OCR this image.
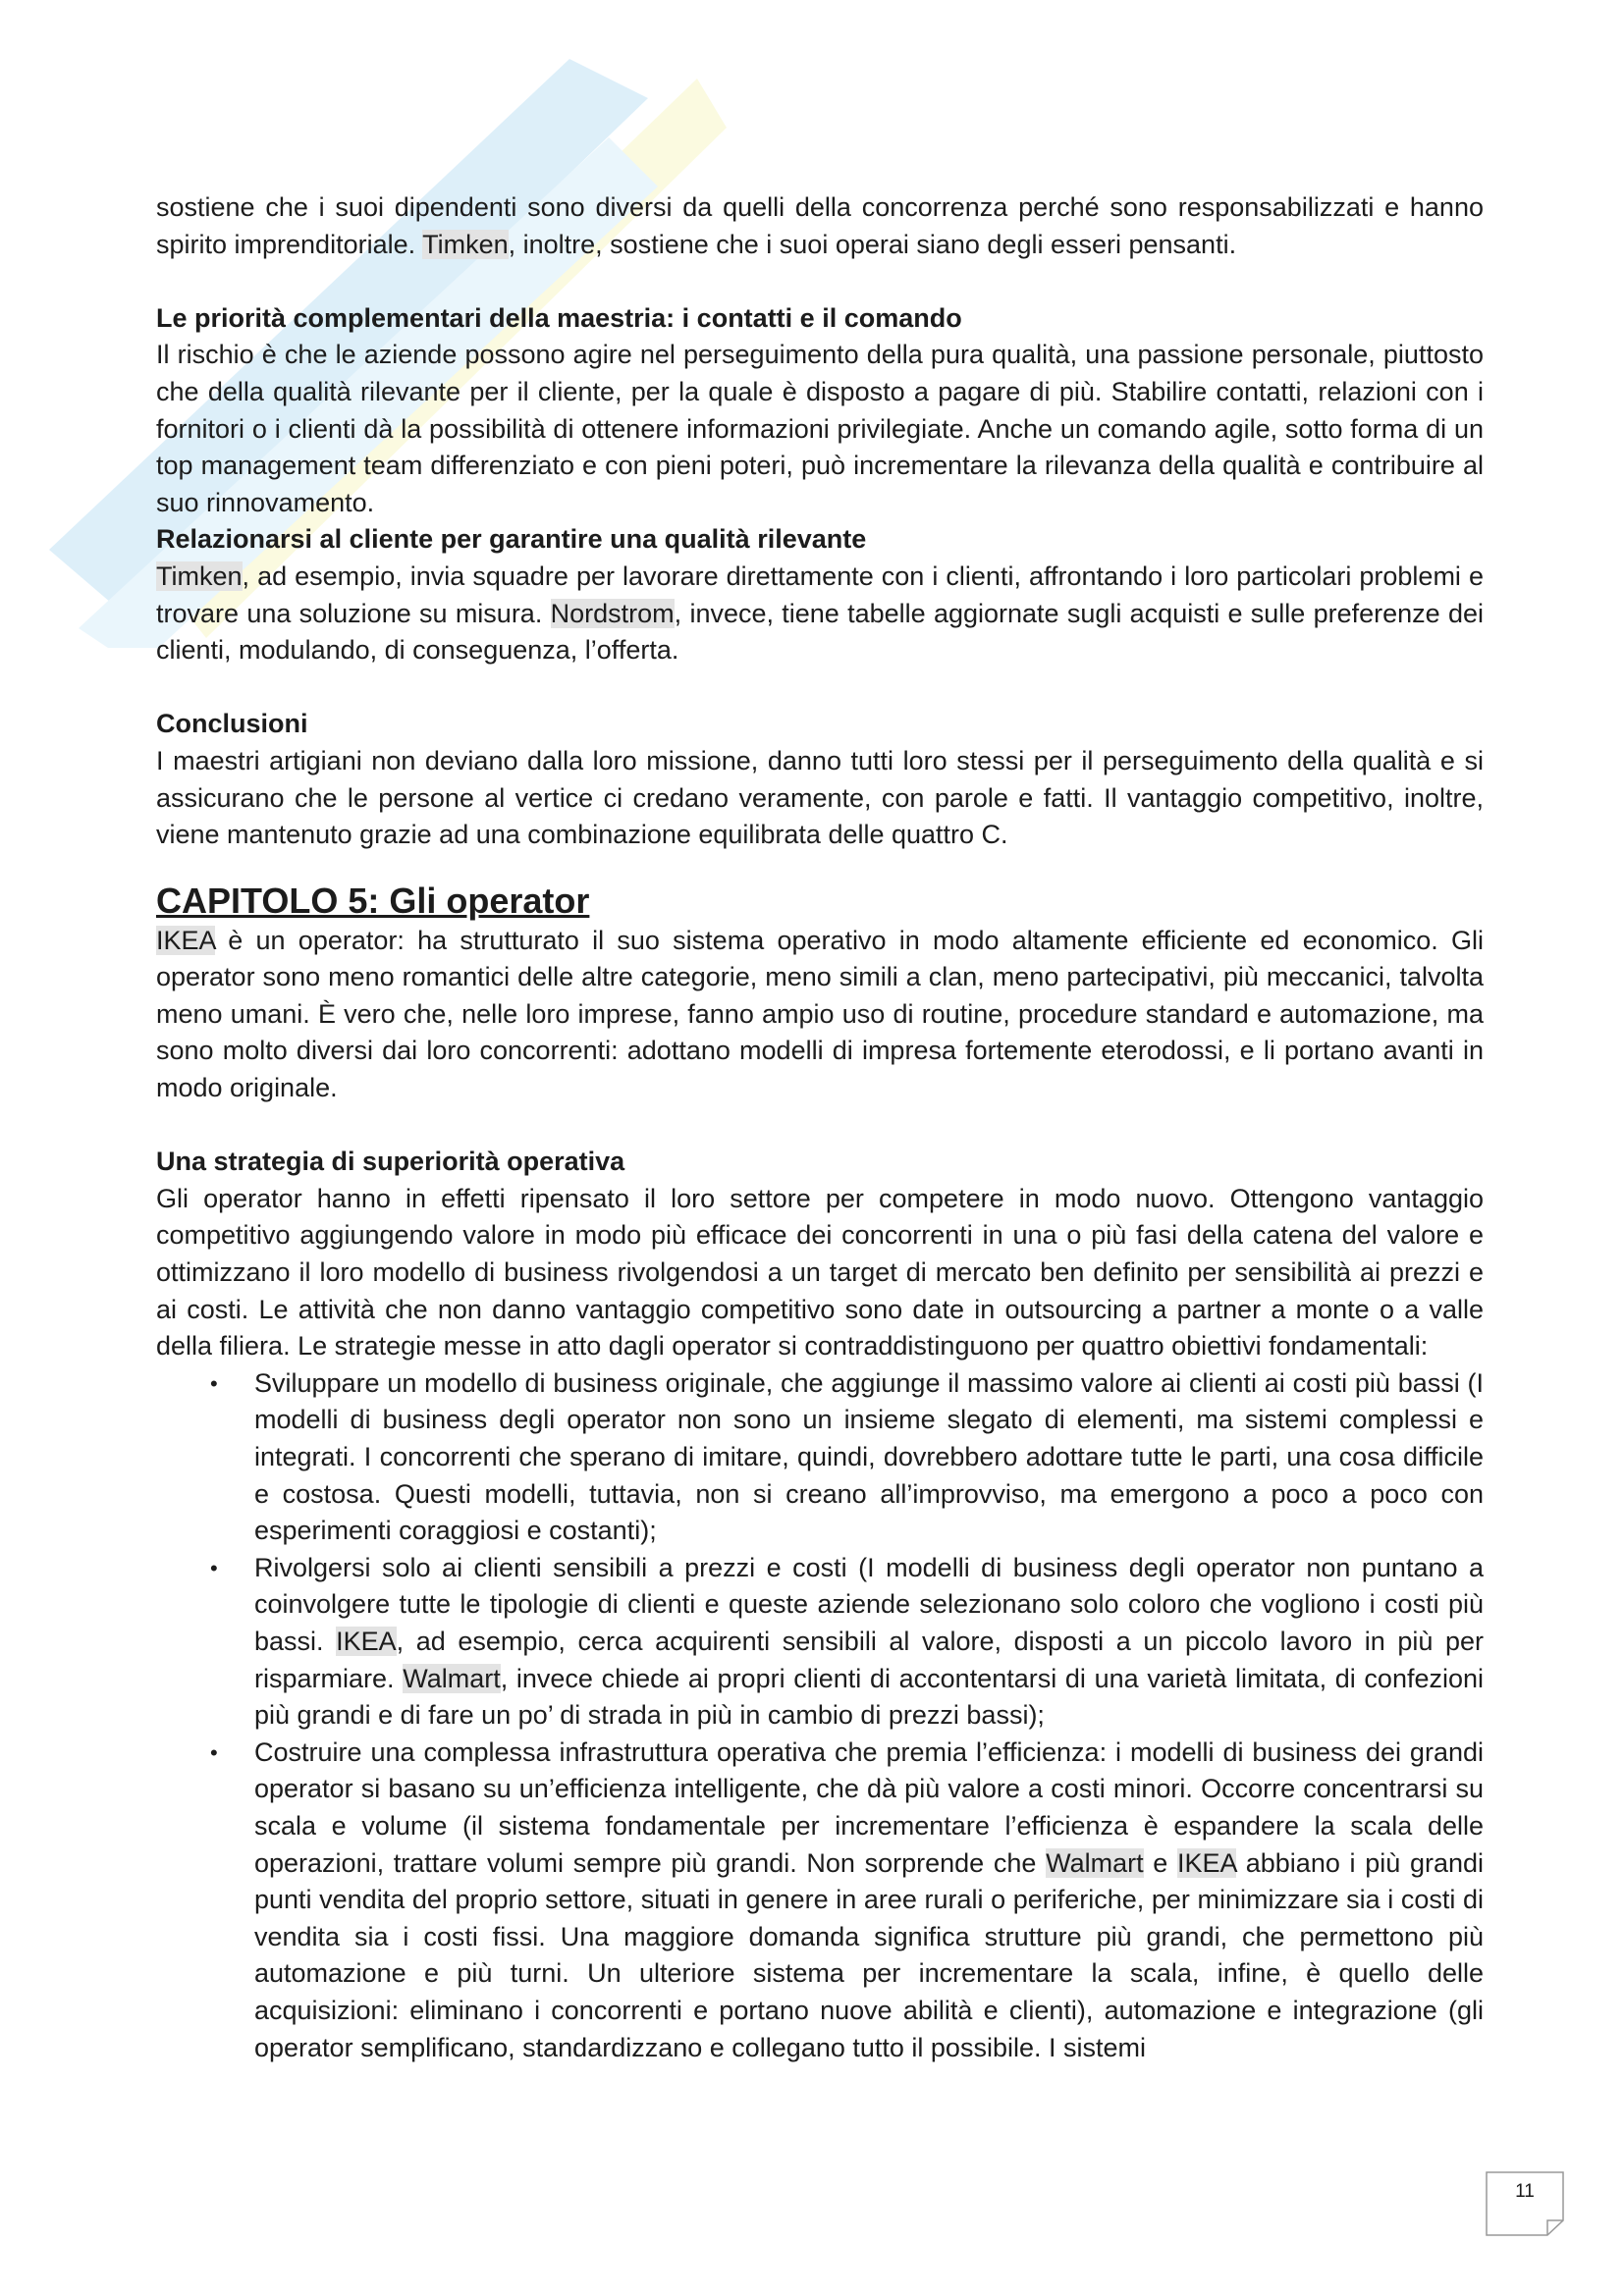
sostiene che i suoi dipendenti sono diversi da quelli della concorrenza perché sono responsabilizzati e hanno spirito imprenditoriale. Timken, inoltre, sostiene che i suoi operai siano degli esseri pensanti.

Le priorità complementari della maestria: i contatti e il comando

Il rischio è che le aziende possono agire nel perseguimento della pura qualità, una passione personale, piuttosto che della qualità rilevante per il cliente, per la quale è disposto a pagare di più. Stabilire contatti, relazioni con i fornitori o i clienti dà la possibilità di ottenere informazioni privilegiate. Anche un comando agile, sotto forma di un top management team differenziato e con pieni poteri, può incrementare la rilevanza della qualità e contribuire al suo rinnovamento.

Relazionarsi al cliente per garantire una qualità rilevante

Timken, ad esempio, invia squadre per lavorare direttamente con i clienti, affrontando i loro particolari problemi e trovare una soluzione su misura. Nordstrom, invece, tiene tabelle aggiornate sugli acquisti e sulle preferenze dei clienti, modulando, di conseguenza, l’offerta.

Conclusioni

I maestri artigiani non deviano dalla loro missione, danno tutti loro stessi per il perseguimento della qualità e si assicurano che le persone al vertice ci credano veramente, con parole e fatti. Il vantaggio competitivo, inoltre, viene mantenuto grazie ad una combinazione equilibrata delle quattro C.

CAPITOLO 5: Gli operator

IKEA è un operator: ha strutturato il suo sistema operativo in modo altamente efficiente ed economico. Gli operator sono meno romantici delle altre categorie, meno simili a clan, meno partecipativi, più meccanici, talvolta meno umani. È vero che, nelle loro imprese, fanno ampio uso di routine, procedure standard e automazione, ma sono molto diversi dai loro concorrenti: adottano modelli di impresa fortemente eterodossi, e li portano avanti in modo originale.

Una strategia di superiorità operativa

Gli operator hanno in effetti ripensato il loro settore per competere in modo nuovo. Ottengono vantaggio competitivo aggiungendo valore in modo più efficace dei concorrenti in una o più fasi della catena del valore e ottimizzano il loro modello di business rivolgendosi a un target di mercato ben definito per sensibilità ai prezzi e ai costi. Le attività che non danno vantaggio competitivo sono date in outsourcing a partner a monte o a valle della filiera. Le strategie messe in atto dagli operator si contraddistinguono per quattro obiettivi fondamentali:

• Sviluppare un modello di business originale, che aggiunge il massimo valore ai clienti ai costi più bassi (I modelli di business degli operator non sono un insieme slegato di elementi, ma sistemi complessi e integrati. I concorrenti che sperano di imitare, quindi, dovrebbero adottare tutte le parti, una cosa difficile e costosa. Questi modelli, tuttavia, non si creano all’improvviso, ma emergono a poco a poco con esperimenti coraggiosi e costanti);
• Rivolgersi solo ai clienti sensibili a prezzi e costi (I modelli di business degli operator non puntano a coinvolgere tutte le tipologie di clienti e queste aziende selezionano solo coloro che vogliono i costi più bassi. IKEA, ad esempio, cerca acquirenti sensibili al valore, disposti a un piccolo lavoro in più per risparmiare. Walmart, invece chiede ai propri clienti di accontentarsi di una varietà limitata, di confezioni più grandi e di fare un po’ di strada in più in cambio di prezzi bassi);
• Costruire una complessa infrastruttura operativa che premia l’efficienza: i modelli di business dei grandi operator si basano su un’efficienza intelligente, che dà più valore a costi minori. Occorre concentrarsi su scala e volume (il sistema fondamentale per incrementare l’efficienza è espandere la scala delle operazioni, trattare volumi sempre più grandi. Non sorprende che Walmart e IKEA abbiano i più grandi punti vendita del proprio settore, situati in genere in aree rurali o periferiche, per minimizzare sia i costi di vendita sia i costi fissi. Una maggiore domanda significa strutture più grandi, che permettono più automazione e più turni. Un ulteriore sistema per incrementare la scala, infine, è quello delle acquisizioni: eliminano i concorrenti e portano nuove abilità e clienti), automazione e integrazione (gli operator semplificano, standardizzano e collegano tutto il possibile. I sistemi
11
